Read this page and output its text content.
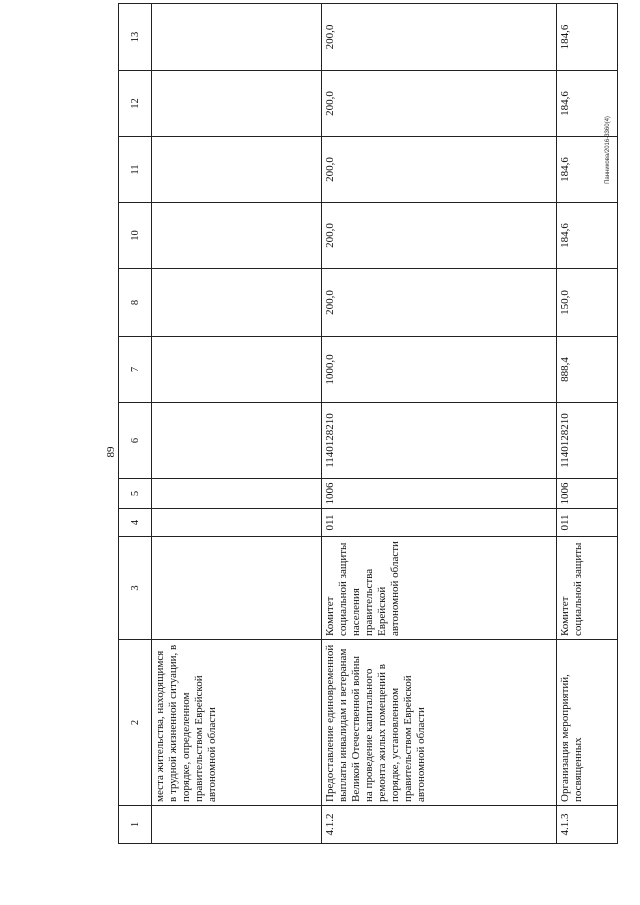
89
Панникова/2016-3360(4)
1	2	3	4	5	6	7	8	10	11	12	13
	места жительства, находящимся в трудной жизненной ситуации, в порядке, определенном правительством Еврейской автономной области										
4.1.2	Предоставление единовременной выплаты инвалидам и ветеранам Великой Отечественной войны на проведение капитального ремонта жилых помещений в порядке, установленном правительством Еврейской автономной области	Комитет социальной защиты населения правительства Еврейской автономной области	011	1006	1140128210	1000,0	200,0	200,0	200,0	200,0	200,0
4.1.3	Организация мероприятий, посвященных	Комитет социальной защиты	011	1006	1140128210	888,4	150,0	184,6	184,6	184,6	184,6
